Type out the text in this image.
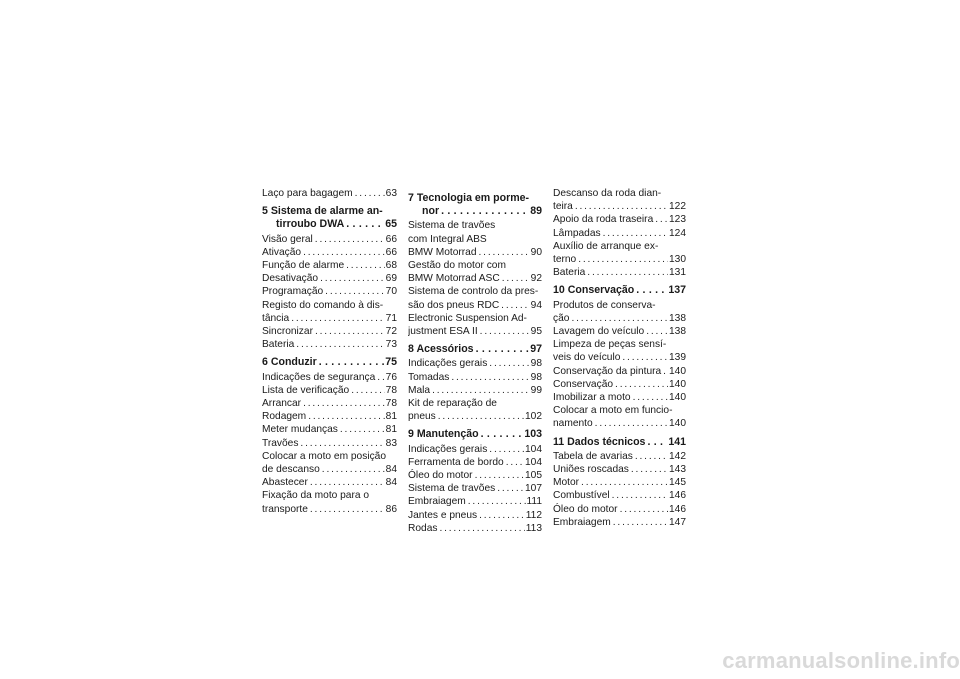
Laço para bagagem . . .	63
5 Sistema de alarme an-
tirroubo DWA . . .	65
Visão geral . . .	66
Ativação . . .	66
Função de alarme . . .	68
Desativação . . .	69
Programação . . .	70
Registo do comando à dis-
tância . . .	71
Sincronizar . . .	72
Bateria . . .	73
6 Conduzir . . .	75
Indicações de segurança . . . 76
Lista de verificação . . .	78
Arrancar . . .	78
Rodagem . . .	81
Meter mudanças . . .	81
Travões . . .	83
Colocar a moto em posição
de descanso . . .	84
Abastecer . . .	84
Fixação da moto para o
transporte . . .	86
7 Tecnologia em porme-
nor . . .	89
Sistema de travões
com Integral ABS
BMW Motorrad . . .	90
Gestão do motor com
BMW Motorrad ASC . . .	92
Sistema de controlo da pres-
são dos pneus RDC . . .	94
Electronic Suspension Ad-
justment ESA II . . .	95
8 Acessórios . . .	97
Indicações gerais . . .	98
Tomadas . . .	98
Mala . . .	99
Kit de reparação de
pneus . . .	102
9 Manutenção . . .	103
Indicações gerais . . .	104
Ferramenta de bordo . . . 104
Óleo do motor . . .	105
Sistema de travões . . .	107
Embraiagem . . .	111
Jantes e pneus . . .	112
Rodas . . .	113
Descanso da roda dian-
teira . . .	122
Apoio da roda traseira . . . 123
Lâmpadas . . .	124
Auxílio de arranque ex-
terno . . .	130
Bateria . . .	131
10 Conservação . . .	137
Produtos de conserva-
ção . . .	138
Lavagem do veículo . . . 138
Limpeza de peças sensí-
veis do veículo . . .	139
Conservação da pintura . . . 140
Conservação . . .	140
Imobilizar a moto . . .	140
Colocar a moto em funcio-
namento . . .	140
11 Dados técnicos . . . 141
Tabela de avarias . . .	142
Uniões roscadas . . .	143
Motor . . .	145
Combustível . . .	146
Óleo do motor . . .	146
Embraiagem . . .	147
carmanualsonline.info
